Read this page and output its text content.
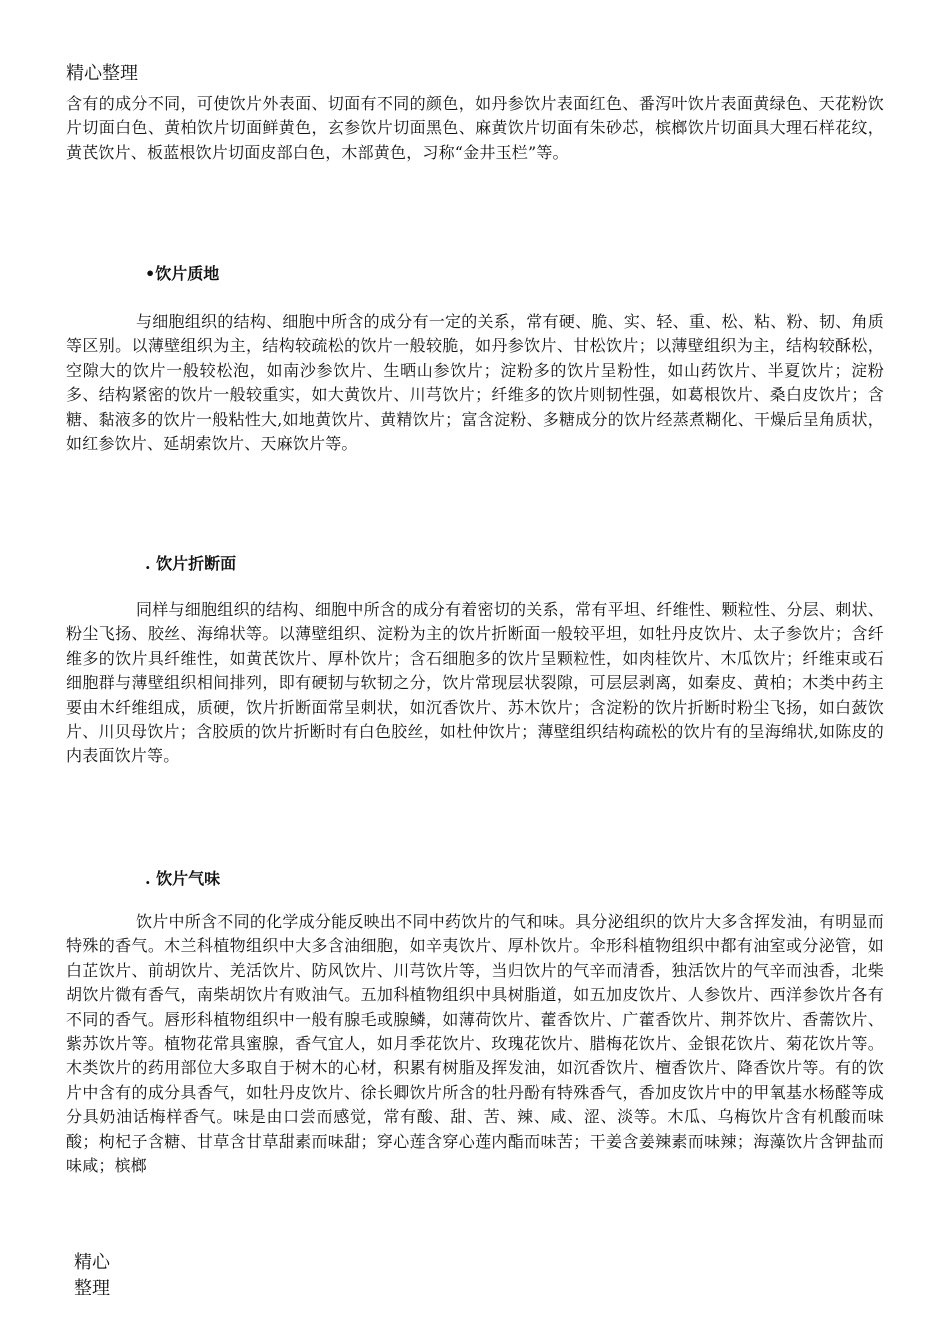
精心整理

含有的成分不同，可使饮片外表面、切面有不同的颜色，如丹参饮片表面红色、番泻叶饮片表面黄绿色、天花粉饮片切面白色、黄柏饮片切面鲜黄色，玄参饮片切面黑色、麻黄饮片切面有朱砂芯，槟榔饮片切面具大理石样花纹，黄芪饮片、板蓝根饮片切面皮部白色，木部黄色，习称“金井玉栏”等。

•饮片质地

与细胞组织的结构、细胞中所含的成分有一定的关系，常有硬、脆、实、轻、重、松、粘、粉、韧、角质等区别。以薄壁组织为主，结构较疏松的饮片一般较脆，如丹参饮片、甘松饮片；以薄壁组织为主，结构较酥松，空隙大的饮片一般较松泡，如南沙参饮片、生晒山参饮片；淀粉多的饮片呈粉性，如山药饮片、半夏饮片；淀粉多、结构紧密的饮片一般较重实，如大黄饮片、川芎饮片；纤维多的饮片则韧性强，如葛根饮片、桑白皮饮片；含糖、黏液多的饮片一般粘性大,如地黄饮片、黄精饮片；富含淀粉、多糖成分的饮片经蒸煮糊化、干燥后呈角质状，如红参饮片、延胡索饮片、天麻饮片等。

. 饮片折断面

同样与细胞组织的结构、细胞中所含的成分有着密切的关系，常有平坦、纤维性、颗粒性、分层、刺状、粉尘飞扬、胶丝、海绵状等。以薄壁组织、淀粉为主的饮片折断面一般较平坦，如牡丹皮饮片、太子参饮片；含纤维多的饮片具纤维性，如黄芪饮片、厚朴饮片；含石细胞多的饮片呈颗粒性，如肉桂饮片、木瓜饮片；纤维束或石细胞群与薄壁组织相间排列，即有硬韧与软韧之分，饮片常现层状裂隙，可层层剥离，如秦皮、黄柏；木类中药主要由木纤维组成，质硬，饮片折断面常呈刺状，如沉香饮片、苏木饮片；含淀粉的饮片折断时粉尘飞扬，如白蔹饮片、川贝母饮片；含胶质的饮片折断时有白色胶丝，如杜仲饮片；薄壁组织结构疏松的饮片有的呈海绵状,如陈皮的内表面饮片等。

. 饮片气味

饮片中所含不同的化学成分能反映出不同中药饮片的气和味。具分泌组织的饮片大多含挥发油，有明显而特殊的香气。木兰科植物组织中大多含油细胞，如辛夷饮片、厚朴饮片。伞形科植物组织中都有油室或分泌管，如白芷饮片、前胡饮片、羌活饮片、防风饮片、川芎饮片等，当归饮片的气辛而清香，独活饮片的气辛而浊香，北柴胡饮片微有香气，南柴胡饮片有败油气。五加科植物组织中具树脂道，如五加皮饮片、人参饮片、西洋参饮片各有不同的香气。唇形科植物组织中一般有腺毛或腺鳞，如薄荷饮片、藿香饮片、广藿香饮片、荆芥饮片、香薷饮片、紫苏饮片等。植物花常具蜜腺，香气宜人，如月季花饮片、玫瑰花饮片、腊梅花饮片、金银花饮片、菊花饮片等。木类饮片的药用部位大多取自于树木的心材，积累有树脂及挥发油，如沉香饮片、檀香饮片、降香饮片等。有的饮片中含有的成分具香气，如牡丹皮饮片、徐长卿饮片所含的牡丹酚有特殊香气，香加皮饮片中的甲氧基水杨醛等成分具奶油话梅样香气。味是由口尝而感觉，常有酸、甜、苦、辣、咸、涩、淡等。木瓜、乌梅饮片含有机酸而味酸；枸杞子含糖、甘草含甘草甜素而味甜；穿心莲含穿心莲内酯而味苦；干姜含姜辣素而味辣；海藻饮片含钾盐而味咸；槟榔

精心
整理
